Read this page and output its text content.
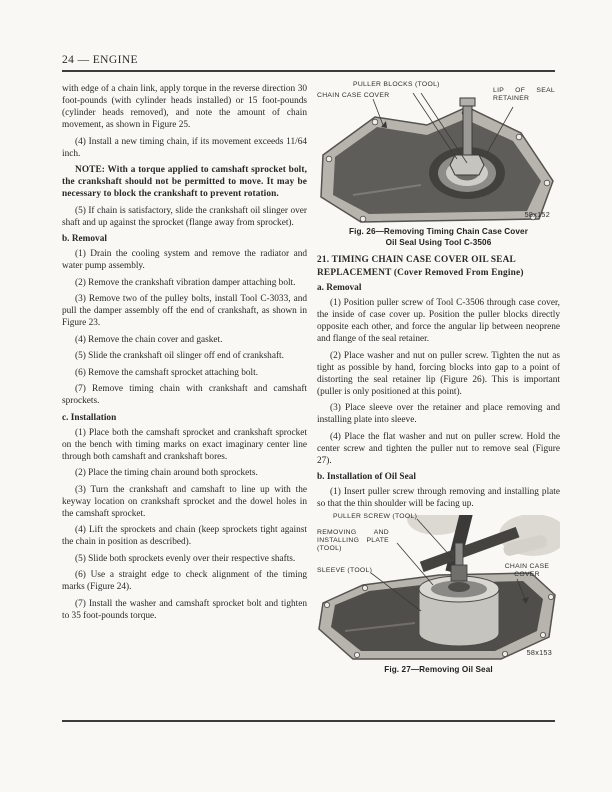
24 — ENGINE

with edge of a chain link, apply torque in the reverse direction 30 foot-pounds (with cylinder heads installed) or 15 foot-pounds (cylinder heads removed), and note the amount of chain movement, as shown in Figure 25.

(4) Install a new timing chain, if its movement exceeds 11/64 inch.

NOTE: With a torque applied to camshaft sprocket bolt, the crankshaft should not be permitted to move. It may be necessary to block the crankshaft to prevent rotation.

(5) If chain is satisfactory, slide the crankshaft oil slinger over shaft and up against the sprocket (flange away from sprocket).

b. Removal

(1) Drain the cooling system and remove the radiator and water pump assembly.

(2) Remove the crankshaft vibration damper attaching bolt.

(3) Remove two of the pulley bolts, install Tool C-3033, and pull the damper assembly off the end of crankshaft, as shown in Figure 23.

(4) Remove the chain cover and gasket.

(5) Slide the crankshaft oil slinger off end of crankshaft.

(6) Remove the camshaft sprocket attaching bolt.

(7) Remove timing chain with crankshaft and camshaft sprockets.

c. Installation

(1) Place both the camshaft sprocket and crankshaft sprocket on the bench with timing marks on exact imaginary center line through both camshaft and crankshaft bores.

(2) Place the timing chain around both sprockets.

(3) Turn the crankshaft and camshaft to line up with the keyway location on crankshaft sprocket and the dowel holes in the camshaft sprocket.

(4) Lift the sprockets and chain (keep sprockets tight against the chain in position as described).

(5) Slide both sprockets evenly over their respective shafts.

(6) Use a straight edge to check alignment of the timing marks (Figure 24).

(7) Install the washer and camshaft sprocket bolt and tighten to 35 foot-pounds torque.

PULLER BLOCKS (TOOL)
CHAIN CASE COVER
LIP OF SEAL RETAINER
58x152
Fig. 26—Removing Timing Chain Case Cover
Oil Seal Using Tool C-3506
21. TIMING CHAIN CASE COVER OIL SEAL REPLACEMENT (Cover Removed From Engine)
a. Removal

(1) Position puller screw of Tool C-3506 through case cover, the inside of case cover up. Position the puller blocks directly opposite each other, and force the angular lip between neoprene and flange of the seal retainer.

(2) Place washer and nut on puller screw. Tighten the nut as tight as possible by hand, forcing blocks into gap to a point of distorting the seal retainer lip (Figure 26). This is important (puller is only positioned at this point).

(3) Place sleeve over the retainer and place removing and installing plate into sleeve.

(4) Place the flat washer and nut on puller screw. Hold the center screw and tighten the puller nut to remove seal (Figure 27).

b. Installation of Oil Seal

(1) Insert puller screw through removing and installing plate so that the thin shoulder will be facing up.

PULLER SCREW (TOOL)
REMOVING AND INSTALLING PLATE (TOOL)
SLEEVE (TOOL)
CHAIN CASE COVER
58x153
Fig. 27—Removing Oil Seal
